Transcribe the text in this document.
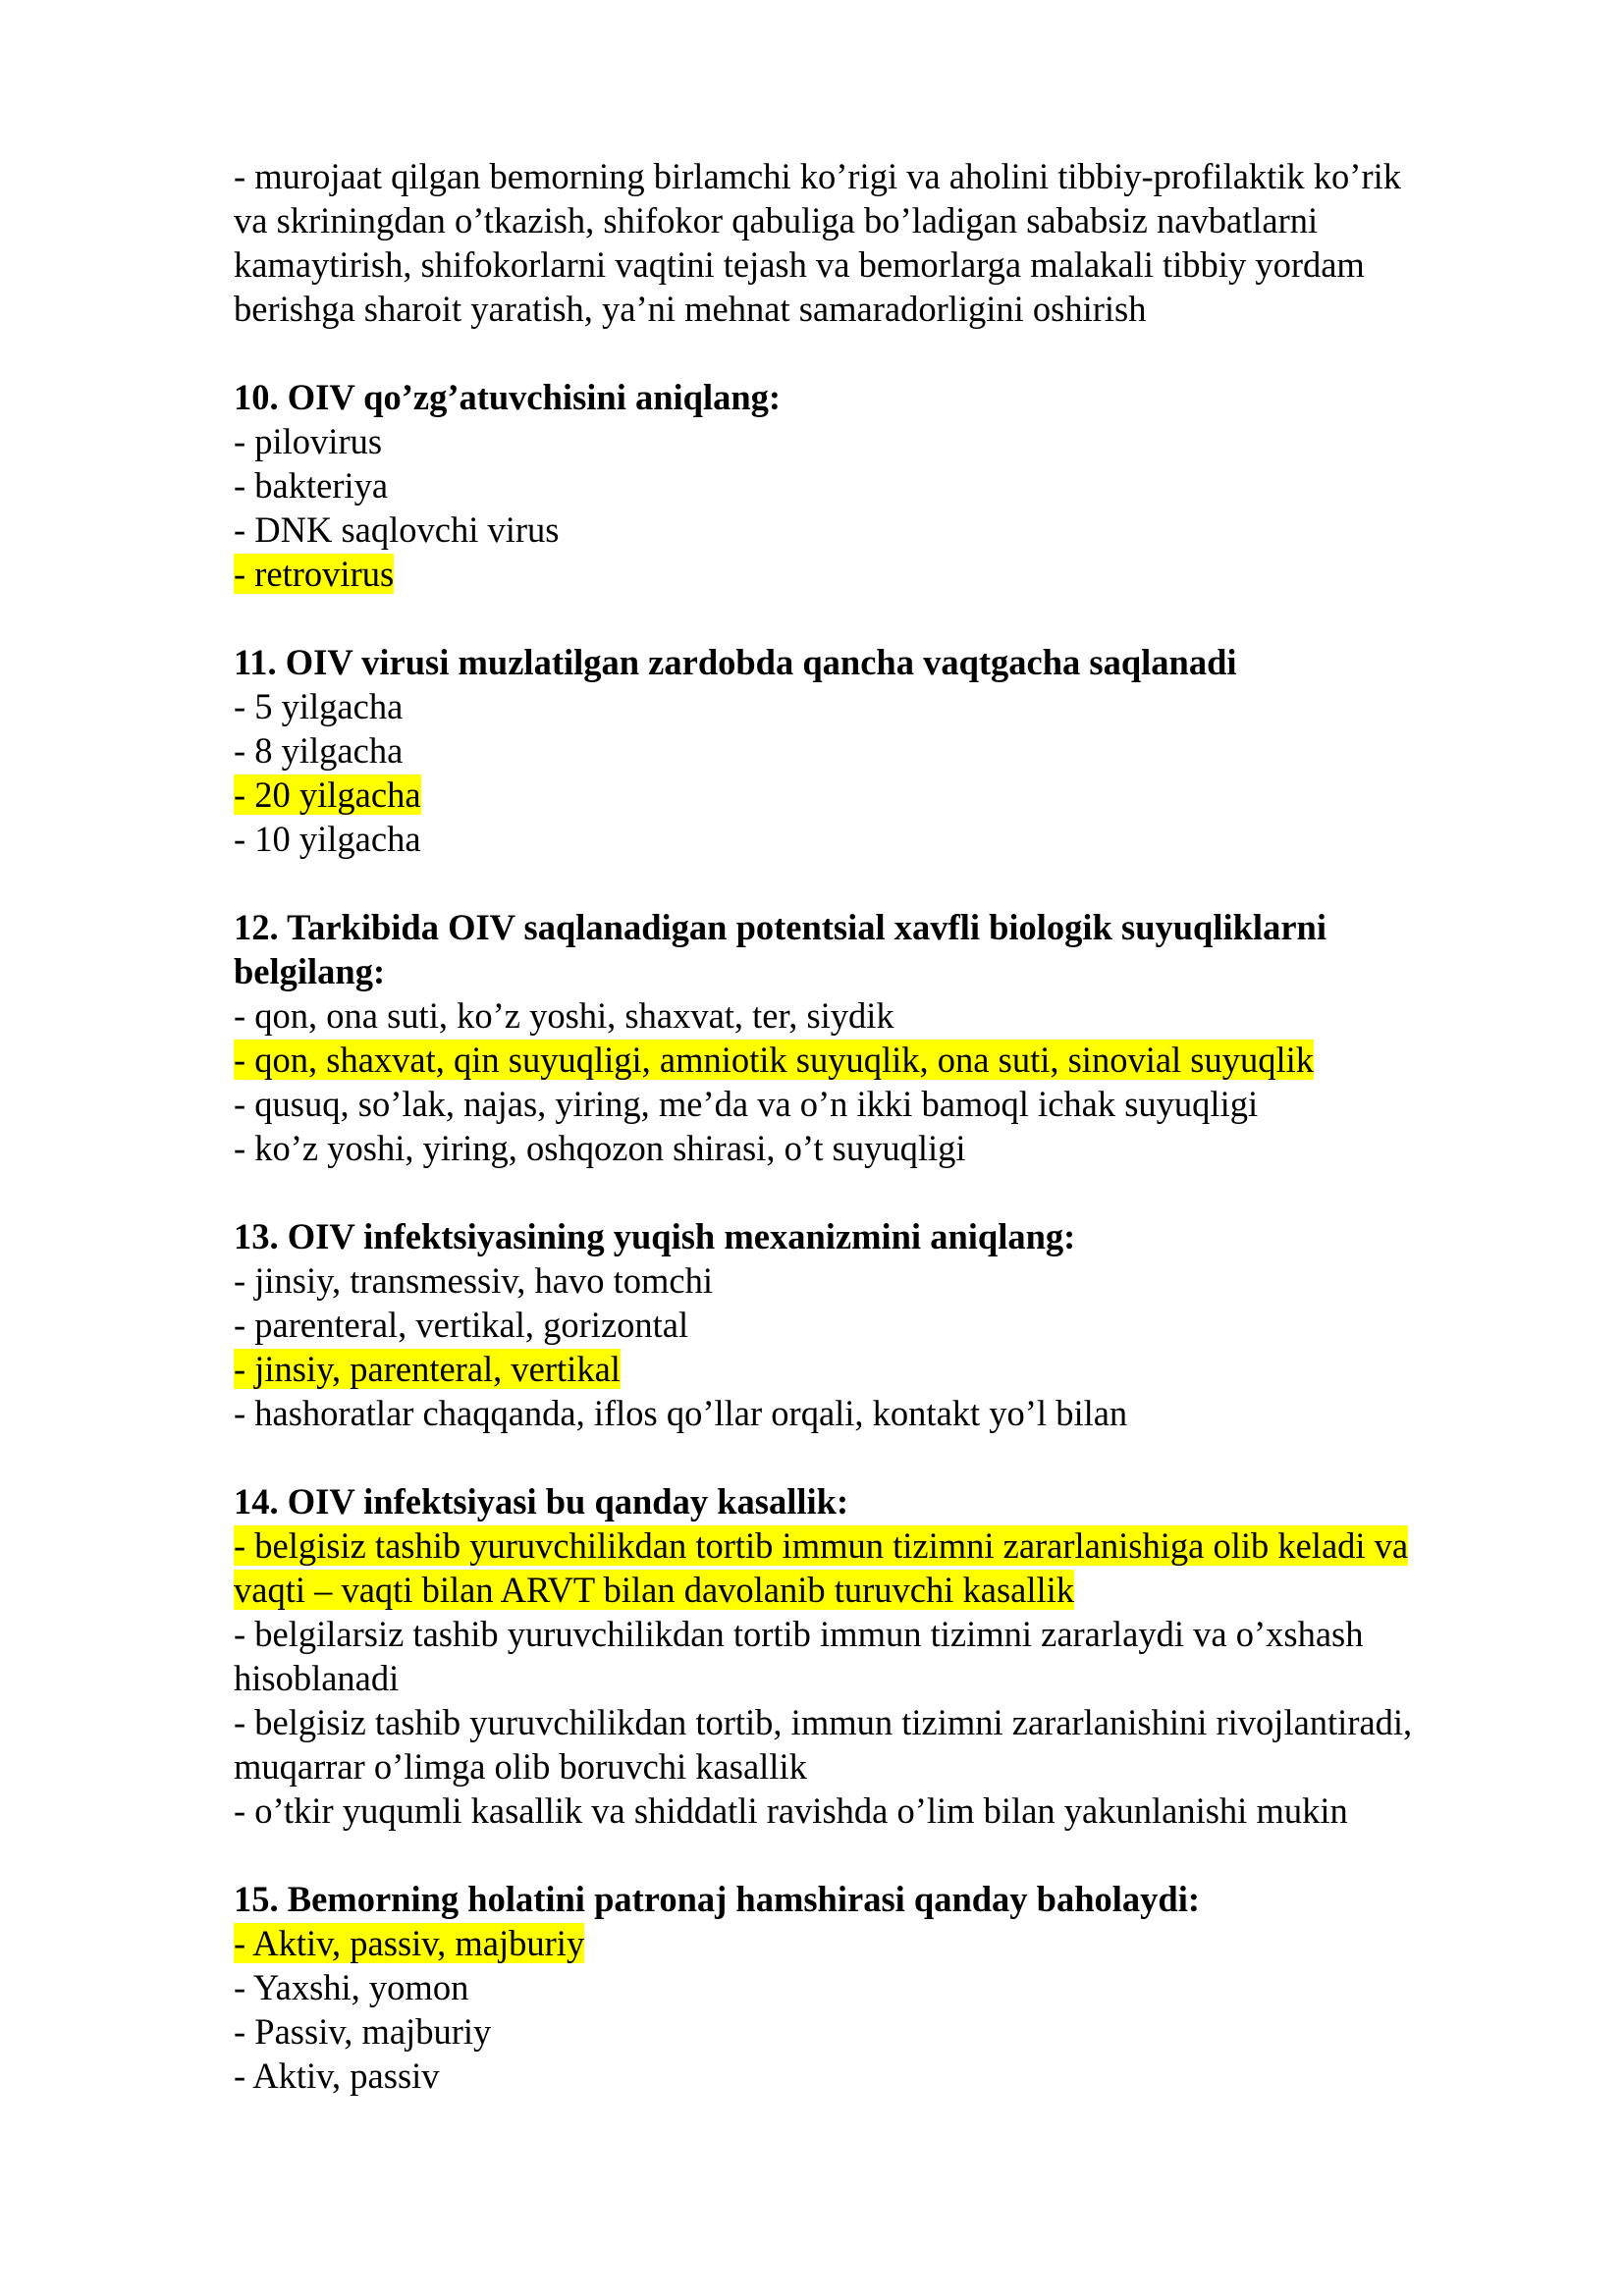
- murojaat qilgan bemorning birlamchi ko’rigi va aholini tibbiy-profilaktik ko’rik
va skriningdan o’tkazish, shifokor qabuliga bo’ladigan sababsiz navbatlarni
kamaytirish, shifokorlarni vaqtini tejash va bemorlarga malakali tibbiy yordam
berishga sharoit yaratish, ya’ni mehnat samaradorligini oshirish
10. OIV qo’zg’atuvchisini aniqlang:
- pilovirus
- bakteriya
- DNK saqlovchi virus
- retrovirus
11. OIV virusi muzlatilgan zardobda qancha vaqtgacha saqlanadi
- 5 yilgacha
- 8 yilgacha
- 20 yilgacha
- 10 yilgacha
12. Tarkibida OIV saqlanadigan potentsial xavfli biologik suyuqliklarni
belgilang:
- qon, ona suti, ko’z yoshi, shaxvat, ter, siydik
- qon, shaxvat, qin suyuqligi, amniotik suyuqlik, ona suti, sinovial suyuqlik
- qusuq, so’lak, najas, yiring, me’da va o’n ikki bamoql ichak suyuqligi
- ko’z yoshi, yiring, oshqozon shirasi, o’t suyuqligi
13. OIV infektsiyasining yuqish mexanizmini aniqlang:
- jinsiy, transmessiv, havo tomchi
- parenteral, vertikal, gorizontal
- jinsiy, parenteral, vertikal
- hashoratlar chaqqanda, iflos qo’llar orqali, kontakt yo’l bilan
14. OIV infektsiyasi bu qanday kasallik:
- belgisiz tashib yuruvchilikdan tortib immun tizimni zararlanishiga olib keladi va
vaqti – vaqti bilan ARVT bilan davolanib turuvchi kasallik
- belgilarsiz tashib yuruvchilikdan tortib immun tizimni zararlaydi va o’xshash
hisoblanadi
- belgisiz tashib yuruvchilikdan tortib, immun tizimni zararlanishini rivojlantiradi,
muqarrar o’limga olib boruvchi kasallik
- o’tkir yuqumli kasallik va shiddatli ravishda o’lim bilan yakunlanishi mukin
15. Bemorning holatini patronaj hamshirasi qanday baholaydi:
- Aktiv, passiv, majburiy
- Yaxshi, yomon
- Passiv, majburiy
- Aktiv, passiv
